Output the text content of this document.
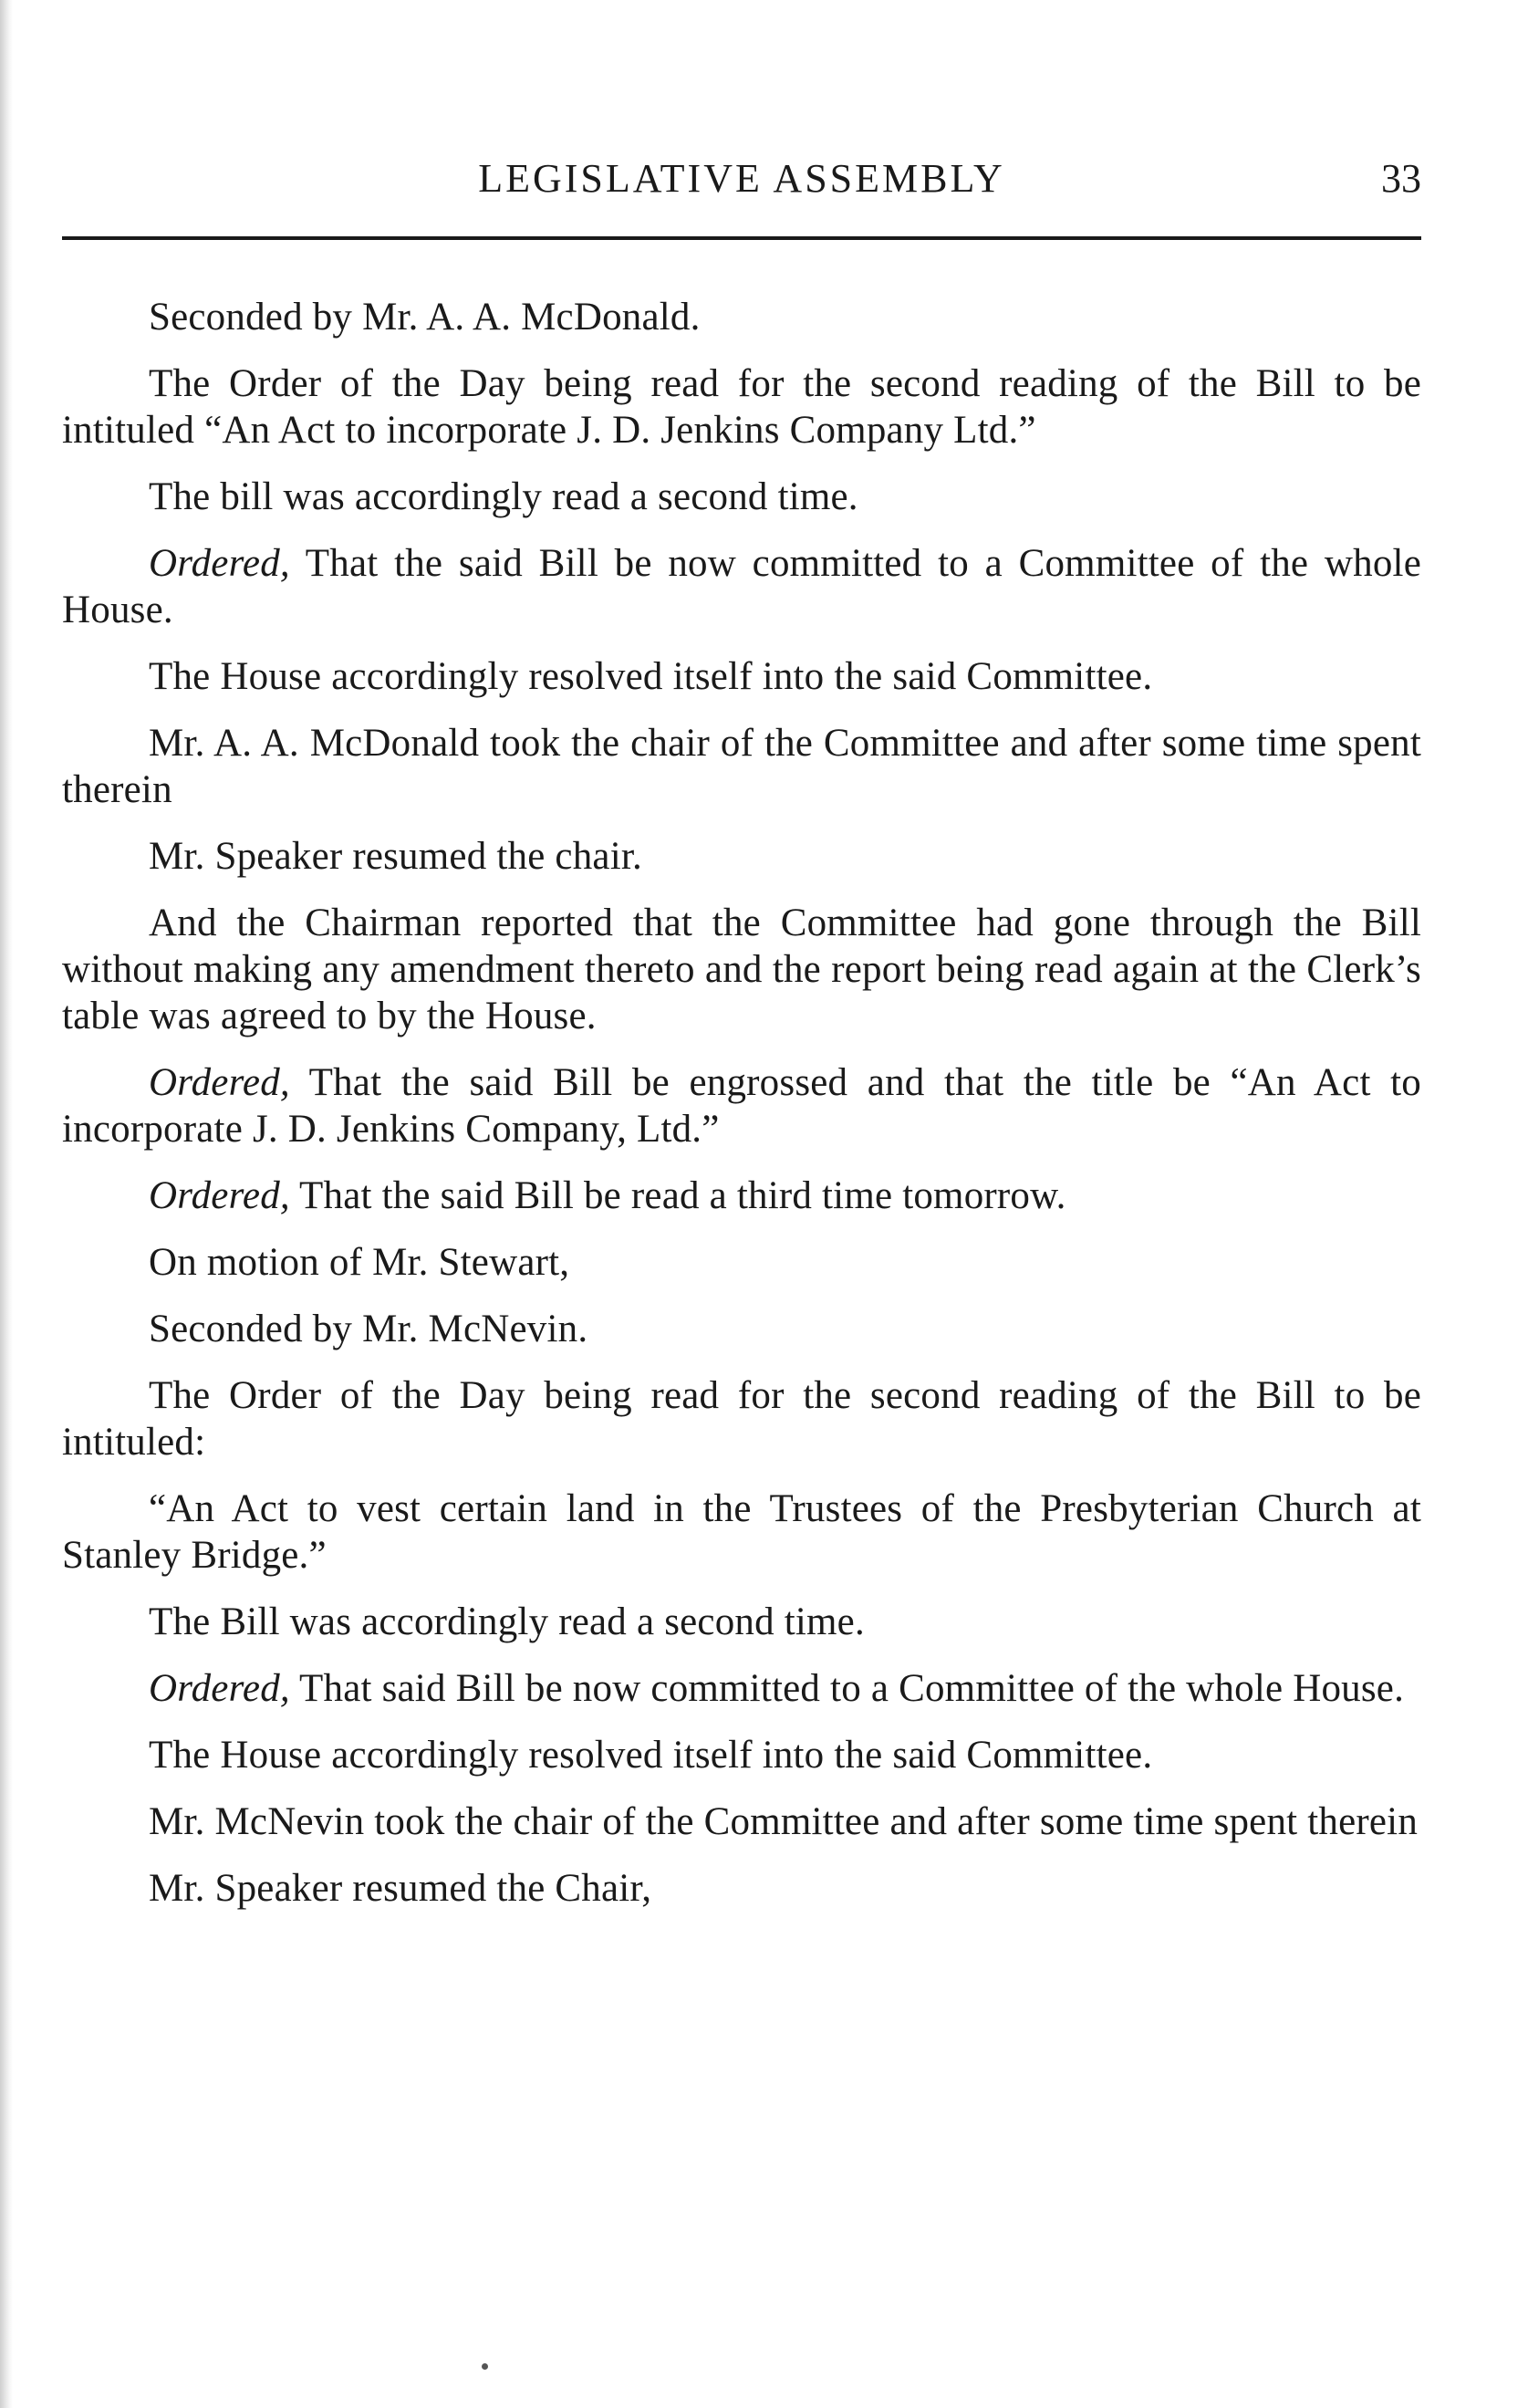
LEGISLATIVE ASSEMBLY	33

Seconded by Mr. A. A. McDonald.

The Order of the Day being read for the second reading of the Bill to be intituled “An Act to incorporate J. D. Jenkins Company Ltd.”

The bill was accordingly read a second time.

Ordered, That the said Bill be now committed to a Committee of the whole House.

The House accordingly resolved itself into the said Committee.

Mr. A. A. McDonald took the chair of the Committee and after some time spent therein

Mr. Speaker resumed the chair.

And the Chairman reported that the Committee had gone through the Bill without making any amendment thereto and the report being read again at the Clerk’s table was agreed to by the House.

Ordered, That the said Bill be engrossed and that the title be “An Act to incorporate J. D. Jenkins Company, Ltd.”

Ordered, That the said Bill be read a third time tomorrow.

On motion of Mr. Stewart,

Seconded by Mr. McNevin.

The Order of the Day being read for the second reading of the Bill to be intituled:

“An Act to vest certain land in the Trustees of the Presbyterian Church at Stanley Bridge.”

The Bill was accordingly read a second time.

Ordered, That said Bill be now committed to a Committee of the whole House.

The House accordingly resolved itself into the said Committee.

Mr. McNevin took the chair of the Committee and after some time spent therein

Mr. Speaker resumed the Chair,
